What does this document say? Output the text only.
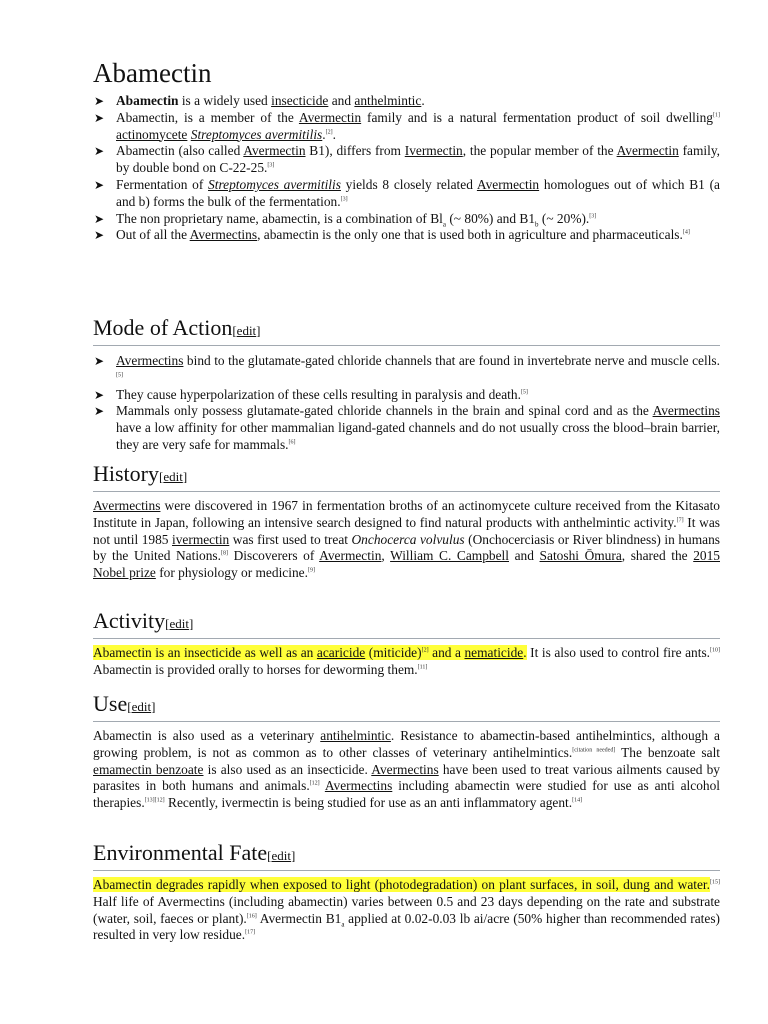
Abamectin
➤ Abamectin is a widely used insecticide and anthelmintic.
➤ Abamectin, is a member of the Avermectin family and is a natural fermentation product of soil dwelling[1] actinomycete Streptomyces avermitilis.[2].
➤ Abamectin (also called Avermectin B1), differs from Ivermectin, the popular member of the Avermectin family, by double bond on C-22-25.[3]
➤ Fermentation of Streptomyces avermitilis yields 8 closely related Avermectin homologues out of which B1 (a and b) forms the bulk of the fermentation.[3]
➤ The non proprietary name, abamectin, is a combination of $Bl_a$ (~ 80%) and $B1_b$ (~ 20%).[3]
➤ Out of all the Avermectins, abamectin is the only one that is used both in agriculture and pharmaceuticals.[4]
Mode of Action [edit]
➤ Avermectins bind to the glutamate-gated chloride channels that are found in invertebrate nerve and muscle cells.[5]
➤ They cause hyperpolarization of these cells resulting in paralysis and death.[5]
➤ Mammals only possess glutamate-gated chloride channels in the brain and spinal cord and as the Avermectins have a low affinity for other mammalian ligand-gated channels and do not usually cross the blood–brain barrier, they are very safe for mammals.[6]
History [edit]

Avermectins were discovered in 1967 in fermentation broths of an actinomycete culture received from the Kitasato Institute in Japan, following an intensive search designed to find natural products with anthelmintic activity.[7] It was not until 1985 ivermectin was first used to treat Onchocerca volvulus (Onchocerciasis or River blindness) in humans by the United Nations.[8] Discoverers of Avermectin, William C. Campbell and Satoshi Ōmura, shared the 2015 Nobel prize for physiology or medicine.[9]

Activity [edit]

Abamectin is an insecticide as well as an acaricide (miticide)[2] and a nematicide. It is also used to control fire ants.[10] Abamectin is provided orally to horses for deworming them.[11]

Use [edit]

Abamectin is also used as a veterinary antihelmintic. Resistance to abamectin-based antihelmintics, although a growing problem, is not as common as to other classes of veterinary antihelmintics.[citation needed] The benzoate salt emamectin benzoate is also used as an insecticide. Avermectins have been used to treat various ailments caused by parasites in both humans and animals.[12] Avermectins including abamectin were studied for use as anti alcohol therapies.[13][12] Recently, ivermectin is being studied for use as an anti inflammatory agent.[14]

Environmental Fate [edit]

Abamectin degrades rapidly when exposed to light (photodegradation) on plant surfaces, in soil, dung and water.[15] Half life of Avermectins (including abamectin) varies between 0.5 and 23 days depending on the rate and substrate (water, soil, faeces or plant).[16] Avermectin $B1_a$ applied at 0.02-0.03 lb ai/acre (50% higher than recommended rates) resulted in very low residue.[17]
